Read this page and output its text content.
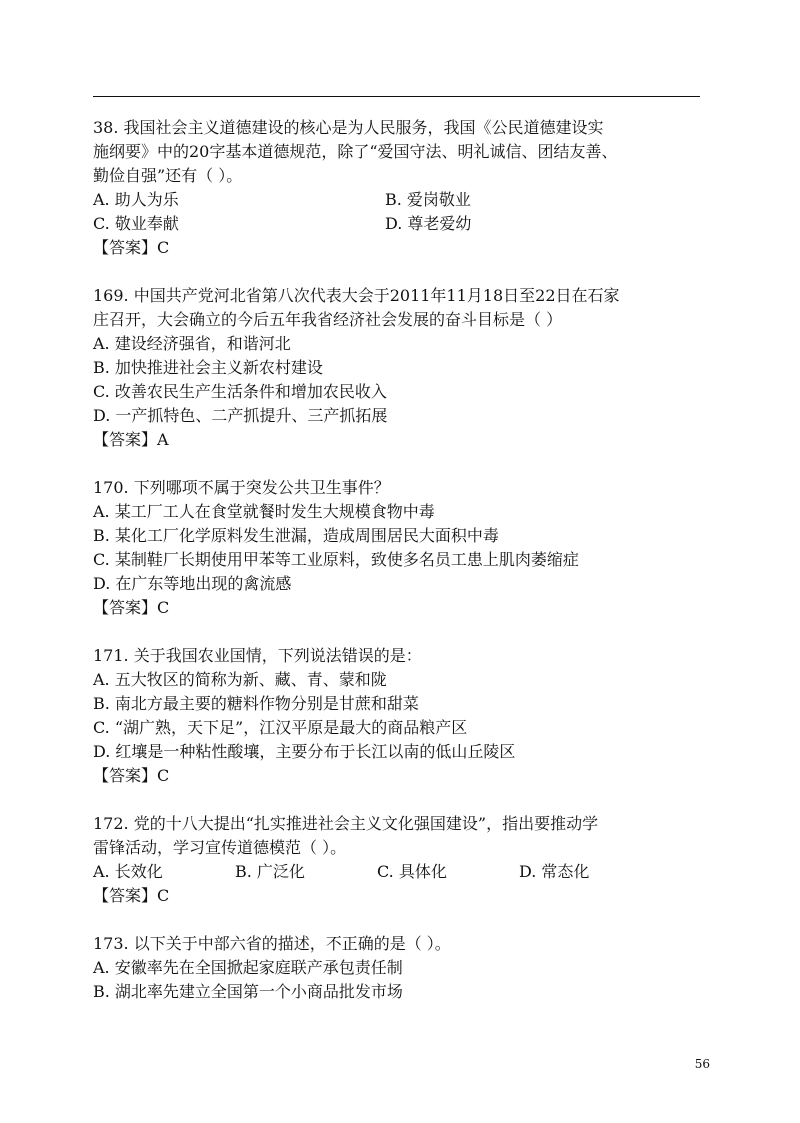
38. 我国社会主义道德建设的核心是为人民服务，我国《公民道德建设实
施纲要》中的20字基本道德规范，除了“爱国守法、明礼诚信、团结友善、
勤俭自强”还有（ ）。
A. 助人为乐	B. 爱岗敬业
C. 敬业奉献	D. 尊老爱幼
【答案】C
169. 中国共产党河北省第八次代表大会于2011年11月18日至22日在石家
庄召开，大会确立的今后五年我省经济社会发展的奋斗目标是（ ）
A. 建设经济强省，和谐河北
B. 加快推进社会主义新农村建设
C. 改善农民生产生活条件和增加农民收入
D. 一产抓特色、二产抓提升、三产抓拓展
【答案】A
170. 下列哪项不属于突发公共卫生事件？
A. 某工厂工人在食堂就餐时发生大规模食物中毒
B. 某化工厂化学原料发生泄漏，造成周围居民大面积中毒
C. 某制鞋厂长期使用甲苯等工业原料，致使多名员工患上肌肉萎缩症
D. 在广东等地出现的禽流感
【答案】C
171. 关于我国农业国情，下列说法错误的是：
A. 五大牧区的简称为新、藏、青、蒙和陇
B. 南北方最主要的糖料作物分别是甘蔗和甜菜
C. “湖广熟，天下足”，江汉平原是最大的商品粮产区
D. 红壤是一种粘性酸壤，主要分布于长江以南的低山丘陵区
【答案】C
172. 党的十八大提出“扎实推进社会主义文化强国建设”，指出要推动学
雷锋活动，学习宣传道德模范（ ）。
A. 长效化	B. 广泛化	C. 具体化	D. 常态化
【答案】C
173. 以下关于中部六省的描述，不正确的是（ ）。
A. 安徽率先在全国掀起家庭联产承包责任制
B. 湖北率先建立全国第一个小商品批发市场
56
